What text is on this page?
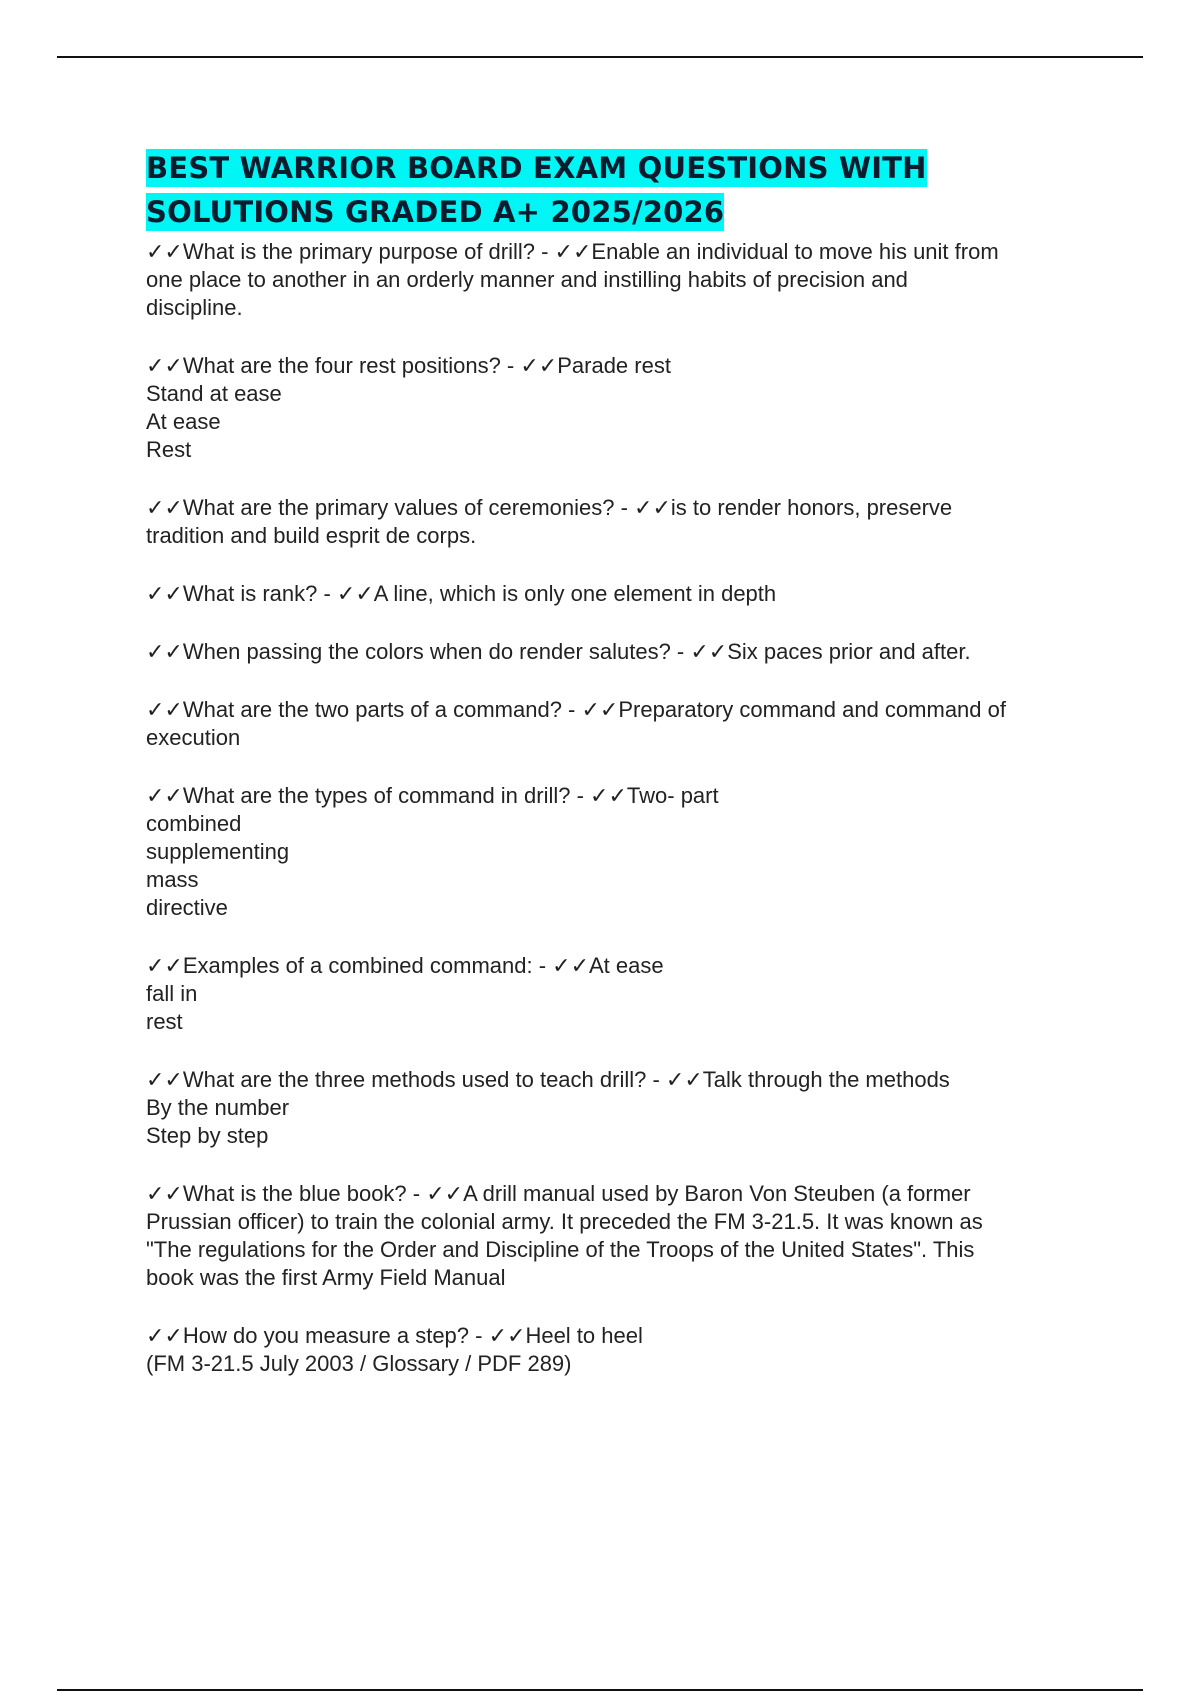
BEST WARRIOR BOARD EXAM QUESTIONS WITH
SOLUTIONS GRADED A+ 2025/2026
✓✓What is the primary purpose of drill? - ✓✓Enable an individual to move his unit from
one place to another in an orderly manner and instilling habits of precision and
discipline.
✓✓What are the four rest positions? - ✓✓Parade rest
Stand at ease
At ease
Rest
✓✓What are the primary values of ceremonies? - ✓✓is to render honors, preserve
tradition and build esprit de corps.
✓✓What is rank? - ✓✓A line, which is only one element in depth
✓✓When passing the colors when do render salutes? - ✓✓Six paces prior and after.
✓✓What are the two parts of a command? - ✓✓Preparatory command and command of
execution
✓✓What are the types of command in drill? - ✓✓Two- part
combined
supplementing
mass
directive
✓✓Examples of a combined command: - ✓✓At ease
fall in
rest
✓✓What are the three methods used to teach drill? - ✓✓Talk through the methods
By the number
Step by step
✓✓What is the blue book? - ✓✓A drill manual used by Baron Von Steuben (a former
Prussian officer) to train the colonial army. It preceded the FM 3-21.5. It was known as
"The regulations for the Order and Discipline of the Troops of the United States". This
book was the first Army Field Manual
✓✓How do you measure a step? - ✓✓Heel to heel
(FM 3-21.5 July 2003 / Glossary / PDF 289)
